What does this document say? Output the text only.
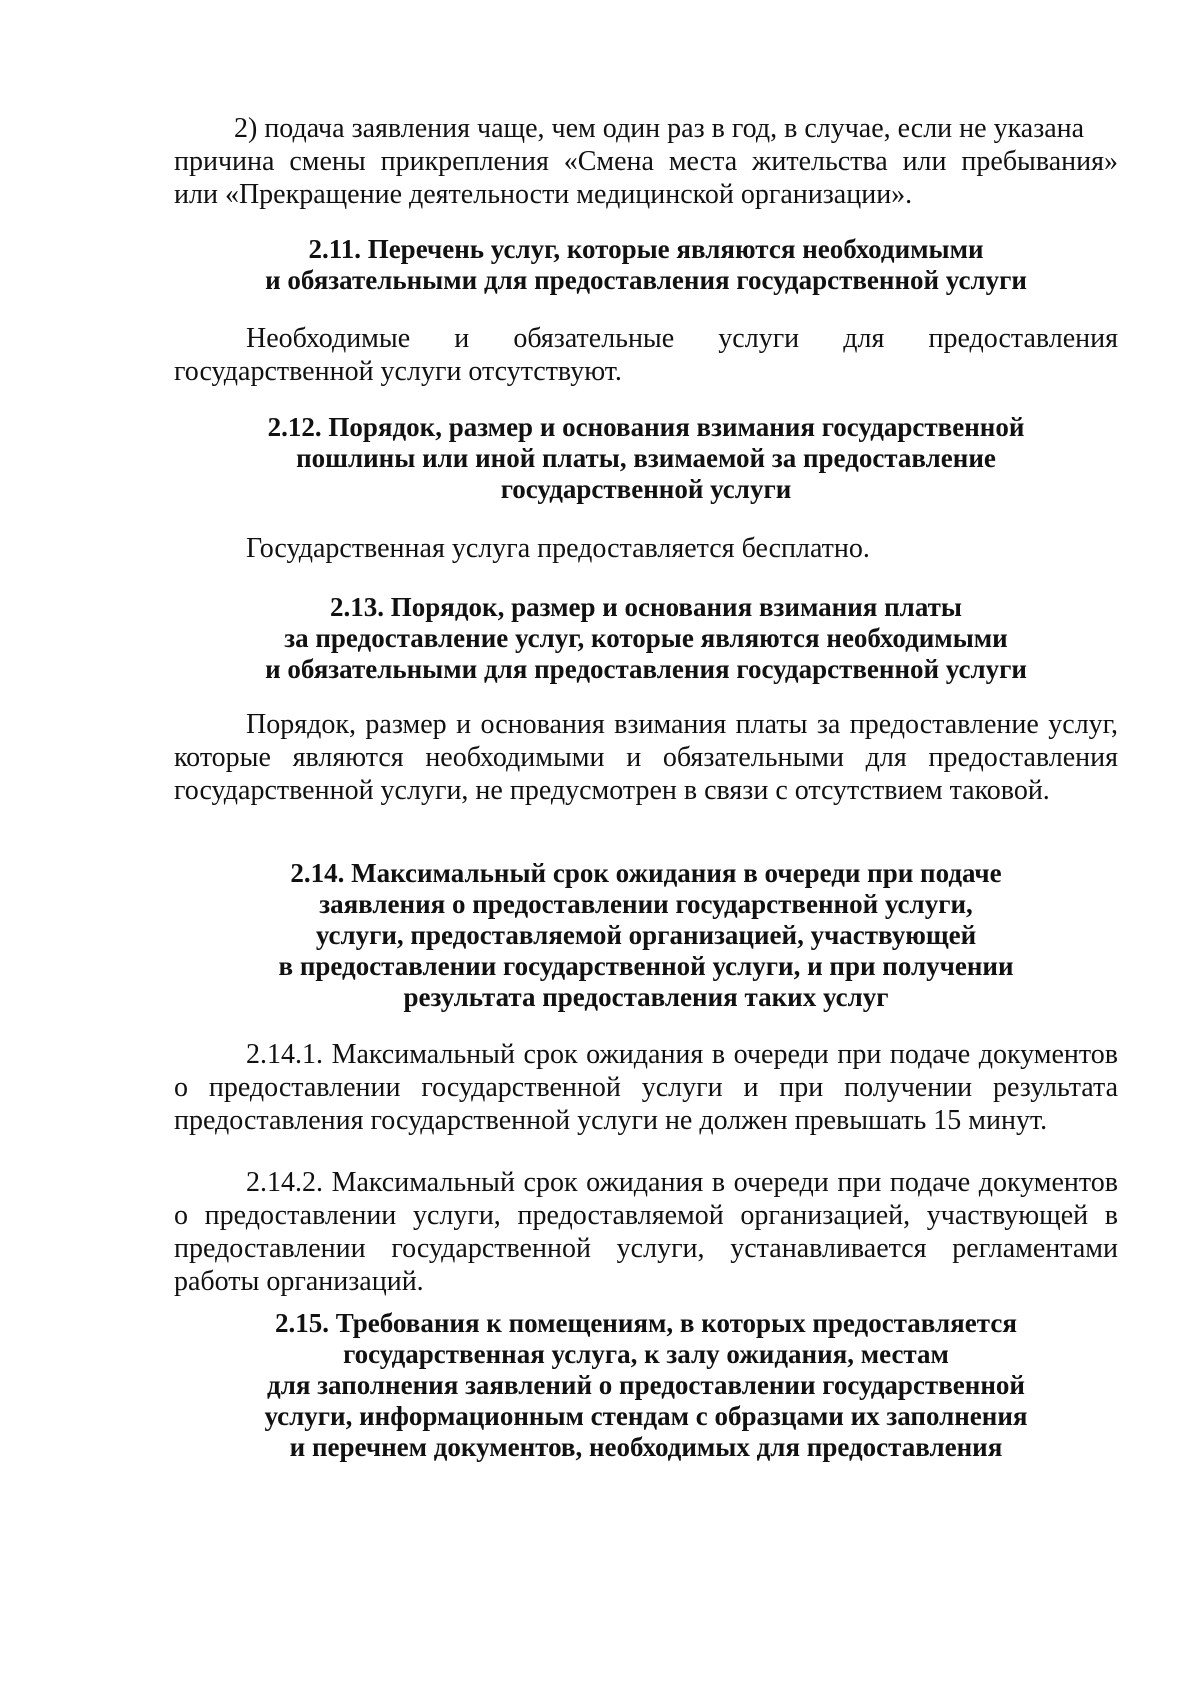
2) подача заявления чаще, чем один раз в год, в случае, если не указана
причина смены прикрепления «Смена места жительства или пребывания»
или «Прекращение деятельности медицинской организации».

2.11. Перечень услуг, которые являются необходимыми
и обязательными для предоставления государственной услуги

Необходимые и обязательные услуги для предоставления государственной услуги отсутствуют.

2.12. Порядок, размер и основания взимания государственной
пошлины или иной платы, взимаемой за предоставление
государственной услуги

Государственная услуга предоставляется бесплатно.

2.13. Порядок, размер и основания взимания платы
за предоставление услуг, которые являются необходимыми
и обязательными для предоставления государственной услуги

Порядок, размер и основания взимания платы за предоставление услуг, которые являются необходимыми и обязательными для предоставления государственной услуги, не предусмотрен в связи с отсутствием таковой.

2.14. Максимальный срок ожидания в очереди при подаче
заявления о предоставлении государственной услуги,
услуги, предоставляемой организацией, участвующей
в предоставлении государственной услуги, и при получении
результата предоставления таких услуг

2.14.1. Максимальный срок ожидания в очереди при подаче документов о предоставлении государственной услуги и при получении результата предоставления государственной услуги не должен превышать 15 минут.

2.14.2. Максимальный срок ожидания в очереди при подаче документов о предоставлении услуги, предоставляемой организацией, участвующей в предоставлении государственной услуги, устанавливается регламентами работы организаций.

2.15. Требования к помещениям, в которых предоставляется
государственная услуга, к залу ожидания, местам
для заполнения заявлений о предоставлении государственной
услуги, информационным стендам с образцами их заполнения
и перечнем документов, необходимых для предоставления
